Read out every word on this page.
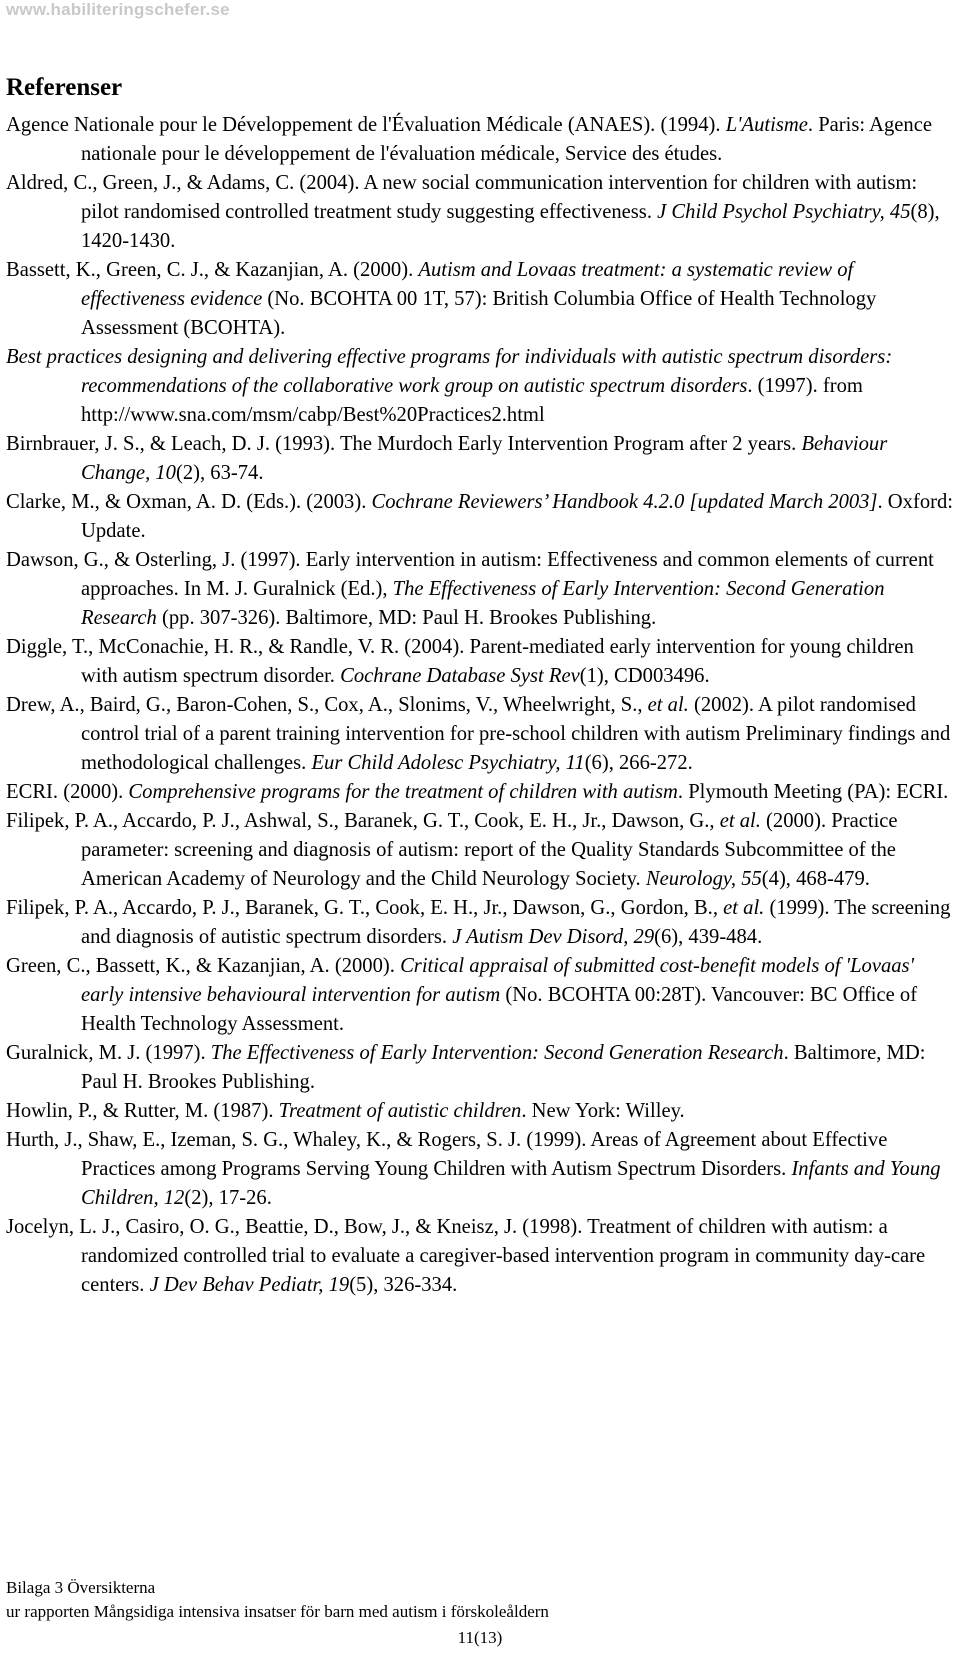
www.habiliteringschefer.se
Referenser

Agence Nationale pour le Développement de l'Évaluation Médicale (ANAES). (1994). L'Autisme. Paris: Agence nationale pour le développement de l'évaluation médicale, Service des études.

Aldred, C., Green, J., & Adams, C. (2004). A new social communication intervention for children with autism: pilot randomised controlled treatment study suggesting effectiveness. J Child Psychol Psychiatry, 45(8), 1420-1430.

Bassett, K., Green, C. J., & Kazanjian, A. (2000). Autism and Lovaas treatment: a systematic review of effectiveness evidence (No. BCOHTA 00 1T, 57): British Columbia Office of Health Technology Assessment (BCOHTA).

Best practices designing and delivering effective programs for individuals with autistic spectrum disorders: recommendations of the collaborative work group on autistic spectrum disorders. (1997). from http://www.sna.com/msm/cabp/Best%20Practices2.html

Birnbrauer, J. S., & Leach, D. J. (1993). The Murdoch Early Intervention Program after 2 years. Behaviour Change, 10(2), 63-74.

Clarke, M., & Oxman, A. D. (Eds.). (2003). Cochrane Reviewers’ Handbook 4.2.0 [updated March 2003]. Oxford: Update.

Dawson, G., & Osterling, J. (1997). Early intervention in autism: Effectiveness and common elements of current approaches. In M. J. Guralnick (Ed.), The Effectiveness of Early Intervention: Second Generation Research (pp. 307-326). Baltimore, MD: Paul H. Brookes Publishing.

Diggle, T., McConachie, H. R., & Randle, V. R. (2004). Parent-mediated early intervention for young children with autism spectrum disorder. Cochrane Database Syst Rev(1), CD003496.

Drew, A., Baird, G., Baron-Cohen, S., Cox, A., Slonims, V., Wheelwright, S., et al. (2002). A pilot randomised control trial of a parent training intervention for pre-school children with autism Preliminary findings and methodological challenges. Eur Child Adolesc Psychiatry, 11(6), 266-272.

ECRI. (2000). Comprehensive programs for the treatment of children with autism. Plymouth Meeting (PA): ECRI.

Filipek, P. A., Accardo, P. J., Ashwal, S., Baranek, G. T., Cook, E. H., Jr., Dawson, G., et al. (2000). Practice parameter: screening and diagnosis of autism: report of the Quality Standards Subcommittee of the American Academy of Neurology and the Child Neurology Society. Neurology, 55(4), 468-479.

Filipek, P. A., Accardo, P. J., Baranek, G. T., Cook, E. H., Jr., Dawson, G., Gordon, B., et al. (1999). The screening and diagnosis of autistic spectrum disorders. J Autism Dev Disord, 29(6), 439-484.

Green, C., Bassett, K., & Kazanjian, A. (2000). Critical appraisal of submitted cost-benefit models of 'Lovaas' early intensive behavioural intervention for autism (No. BCOHTA 00:28T). Vancouver: BC Office of Health Technology Assessment.

Guralnick, M. J. (1997). The Effectiveness of Early Intervention: Second Generation Research. Baltimore, MD: Paul H. Brookes Publishing.

Howlin, P., & Rutter, M. (1987). Treatment of autistic children. New York: Willey.

Hurth, J., Shaw, E., Izeman, S. G., Whaley, K., & Rogers, S. J. (1999). Areas of Agreement about Effective Practices among Programs Serving Young Children with Autism Spectrum Disorders. Infants and Young Children, 12(2), 17-26.

Jocelyn, L. J., Casiro, O. G., Beattie, D., Bow, J., & Kneisz, J. (1998). Treatment of children with autism: a randomized controlled trial to evaluate a caregiver-based intervention program in community day-care centers. J Dev Behav Pediatr, 19(5), 326-334.

Bilaga 3 Översikterna
ur rapporten Mångsidiga intensiva insatser för barn med autism i förskoleåldern
11(13)
